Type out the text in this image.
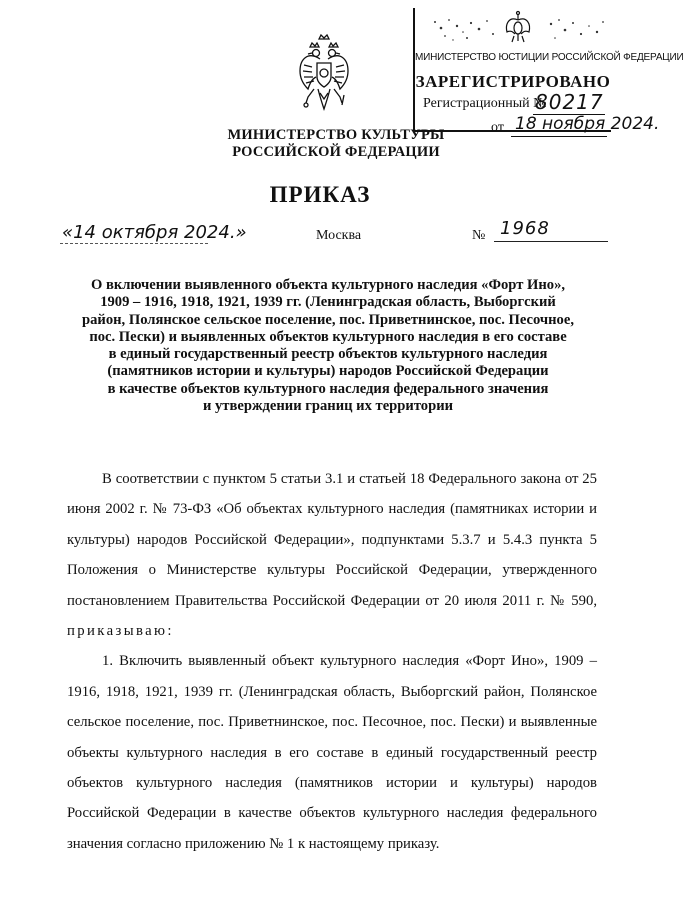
МИНИСТЕРСТВО ЮСТИЦИИ РОССИЙСКОЙ ФЕДЕРАЦИИ
ЗАРЕГИСТРИРОВАНО
Регистрационный №
80217
от 18 ноября 2024.
МИНИСТЕРСТВО КУЛЬТУРЫ
РОССИЙСКОЙ ФЕДЕРАЦИИ
ПРИКАЗ
«14 октября 2024.»	Москва	№ 1968
О включении выявленного объекта культурного наследия «Форт Ино»,
1909 – 1916, 1918, 1921, 1939 гг. (Ленинградская область, Выборгский
район, Полянское сельское поселение, пос. Приветнинское, пос. Песочное,
пос. Пески) и выявленных объектов культурного наследия в его составе
в единый государственный реестр объектов культурного наследия
(памятников истории и культуры) народов Российской Федерации
в качестве объектов культурного наследия федерального значения
и утверждении границ их территории

В соответствии с пунктом 5 статьи 3.1 и статьей 18 Федерального закона от 25 июня 2002 г. № 73-ФЗ «Об объектах культурного наследия (памятниках истории и культуры) народов Российской Федерации», подпунктами 5.3.7 и 5.4.3 пункта 5 Положения о Министерстве культуры Российской Федерации, утвержденного постановлением Правительства Российской Федерации от 20 июля 2011 г. № 590, приказываю:

1. Включить выявленный объект культурного наследия «Форт Ино», 1909 – 1916, 1918, 1921, 1939 гг. (Ленинградская область, Выборгский район, Полянское сельское поселение, пос. Приветнинское, пос. Песочное, пос. Пески) и выявленные объекты культурного наследия в его составе в единый государственный реестр объектов культурного наследия (памятников истории и культуры) народов Российской Федерации в качестве объектов культурного наследия федерального значения согласно приложению № 1 к настоящему приказу.
